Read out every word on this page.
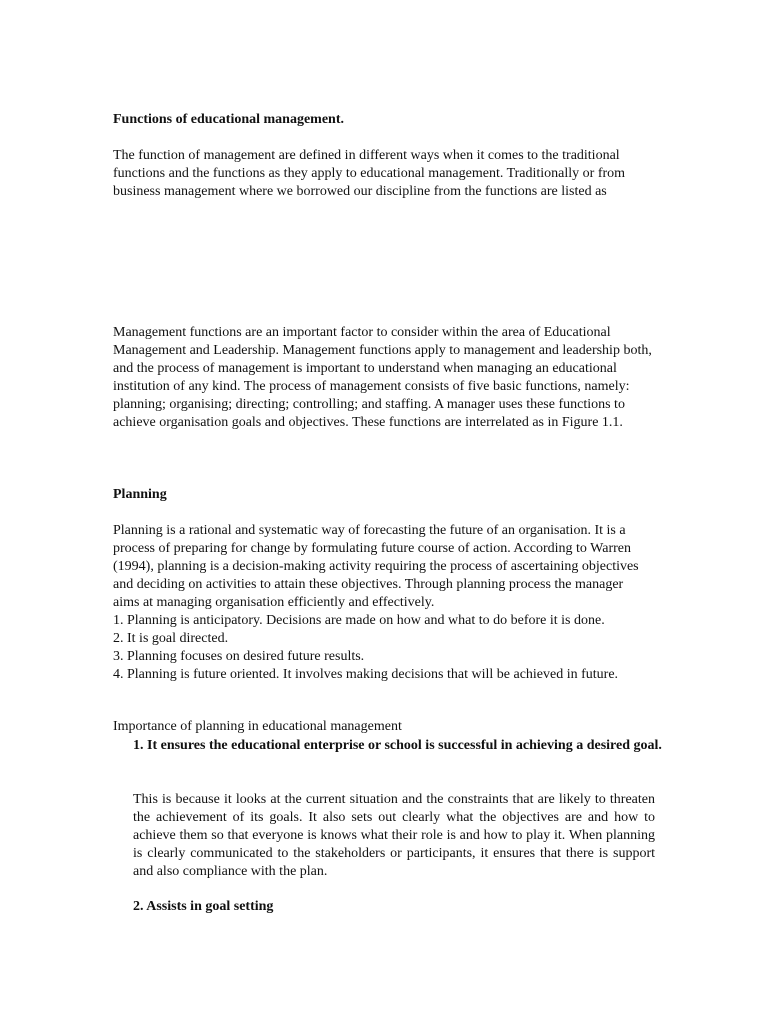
Functions of educational management.
The function of management are defined in different ways when it comes to the traditional functions and the functions as they apply to educational management. Traditionally or from business management where we borrowed our discipline from the functions are listed as
Management functions are an important factor to consider within the area of Educational Management and Leadership. Management functions apply to management and leadership both, and the process of management is important to understand when managing an educational institution of any kind. The process of management consists of five basic functions, namely: planning; organising; directing; controlling; and staffing. A manager uses these functions to achieve organisation goals and objectives. These functions are interrelated as in Figure 1.1.
Planning
Planning is a rational and systematic way of forecasting the future of an organisation. It is a process of preparing for change by formulating future course of action. According to Warren (1994), planning is a decision-making activity requiring the process of ascertaining objectives and deciding on activities to attain these objectives. Through planning process the manager aims at managing organisation efficiently and effectively.
1. Planning is anticipatory. Decisions are made on how and what to do before it is done.
2. It is goal directed.
3. Planning focuses on desired future results.
4. Planning is future oriented. It involves making decisions that will be achieved in future.
Importance of planning in educational management
1. It ensures the educational enterprise or school is successful in achieving a desired goal.
This is because it looks at the current situation and the constraints that are likely to threaten the achievement of its goals. It also sets out clearly what the objectives are and how to achieve them so that everyone is knows what their role is and how to play it. When planning is clearly communicated to the stakeholders or participants, it ensures that there is support and also compliance with the plan.
2. Assists in goal setting
